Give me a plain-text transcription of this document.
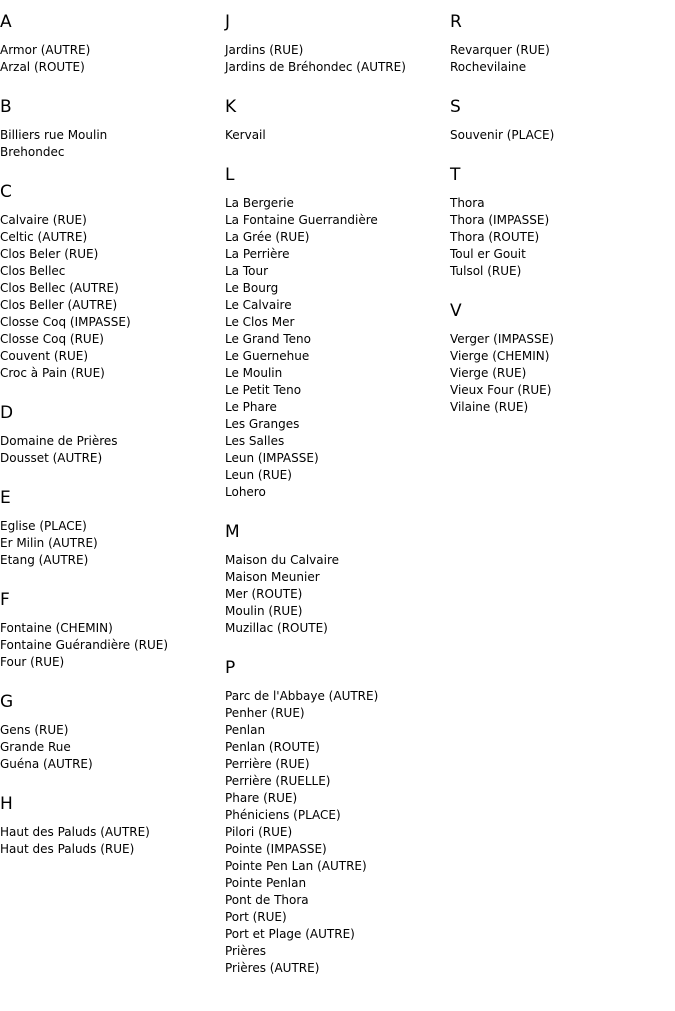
A
Armor (AUTRE)
Arzal (ROUTE)
B
Billiers rue Moulin
Brehondec
C
Calvaire (RUE)
Celtic (AUTRE)
Clos Beler (RUE)
Clos Bellec
Clos Bellec (AUTRE)
Clos Beller (AUTRE)
Closse Coq (IMPASSE)
Closse Coq (RUE)
Couvent (RUE)
Croc à Pain (RUE)
D
Domaine de Prières
Dousset (AUTRE)
E
Eglise (PLACE)
Er Milin (AUTRE)
Etang (AUTRE)
F
Fontaine (CHEMIN)
Fontaine Guérandière (RUE)
Four (RUE)
G
Gens (RUE)
Grande Rue
Guéna (AUTRE)
H
Haut des Paluds (AUTRE)
Haut des Paluds (RUE)
J
Jardins (RUE)
Jardins de Bréhondec (AUTRE)
K
Kervail
L
La Bergerie
La Fontaine Guerrandière
La Grée (RUE)
La Perrière
La Tour
Le Bourg
Le Calvaire
Le Clos Mer
Le Grand Teno
Le Guernehue
Le Moulin
Le Petit Teno
Le Phare
Les Granges
Les Salles
Leun (IMPASSE)
Leun (RUE)
Lohero
M
Maison du Calvaire
Maison Meunier
Mer (ROUTE)
Moulin (RUE)
Muzillac (ROUTE)
P
Parc de l'Abbaye (AUTRE)
Penher (RUE)
Penlan
Penlan (ROUTE)
Perrière (RUE)
Perrière (RUELLE)
Phare (RUE)
Phéniciens (PLACE)
Pilori (RUE)
Pointe (IMPASSE)
Pointe Pen Lan (AUTRE)
Pointe Penlan
Pont de Thora
Port (RUE)
Port et Plage (AUTRE)
Prières
Prières (AUTRE)
R
Revarquer (RUE)
Rochevilaine
S
Souvenir (PLACE)
T
Thora
Thora (IMPASSE)
Thora (ROUTE)
Toul er Gouit
Tulsol (RUE)
V
Verger (IMPASSE)
Vierge (CHEMIN)
Vierge (RUE)
Vieux Four (RUE)
Vilaine (RUE)
